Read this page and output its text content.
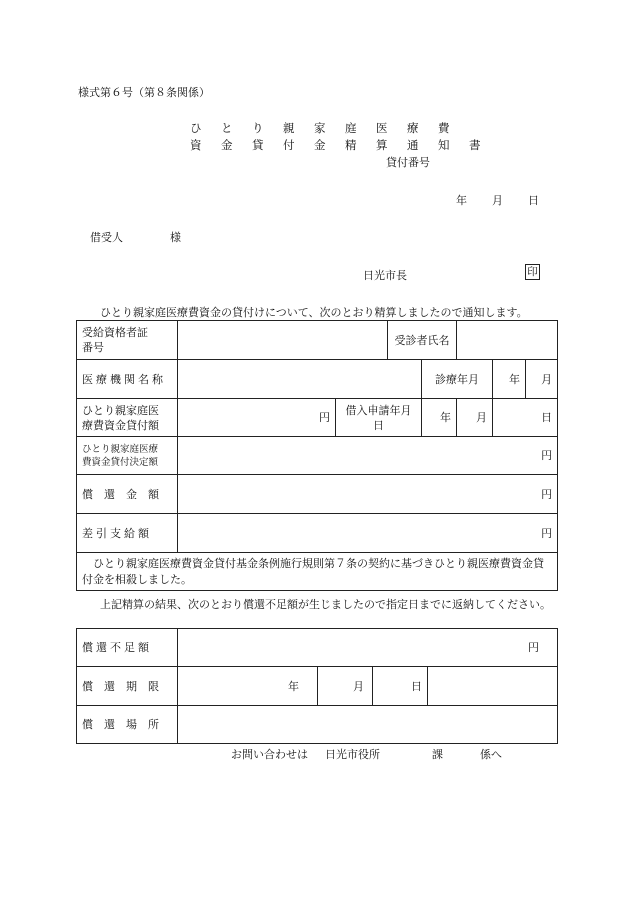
様式第６号（第８条関係）
ひとり親家庭医療費
資金貸付金精算通知書
貸付番号
年 月 日
借受人	様
日光市長	印
ひとり親家庭医療費資金の貸付けについて、次のとおり精算しましたので通知します。
受給資格者証
番号			受診者氏名				
医療機関名称				診療年月		年	月
ひとり親家庭医
療費資金貸付額	円	借入申請年月日		年	月	日	
ひとり親家庭医療
費資金貸付決定額	円						
償還金額	円						
差引支給額	円						
ひとり親家庭医療費資金貸付基金条例施行規則第７条の契約に基づきひとり親医療費資金貸付金を相殺しました。							
上記精算の結果、次のとおり償還不足額が生じましたので指定日までに返納してください。
償還不足額	円			
償還期限	年	月	日	
償還場所				
お問い合わせは 日光市役所	課	係へ
